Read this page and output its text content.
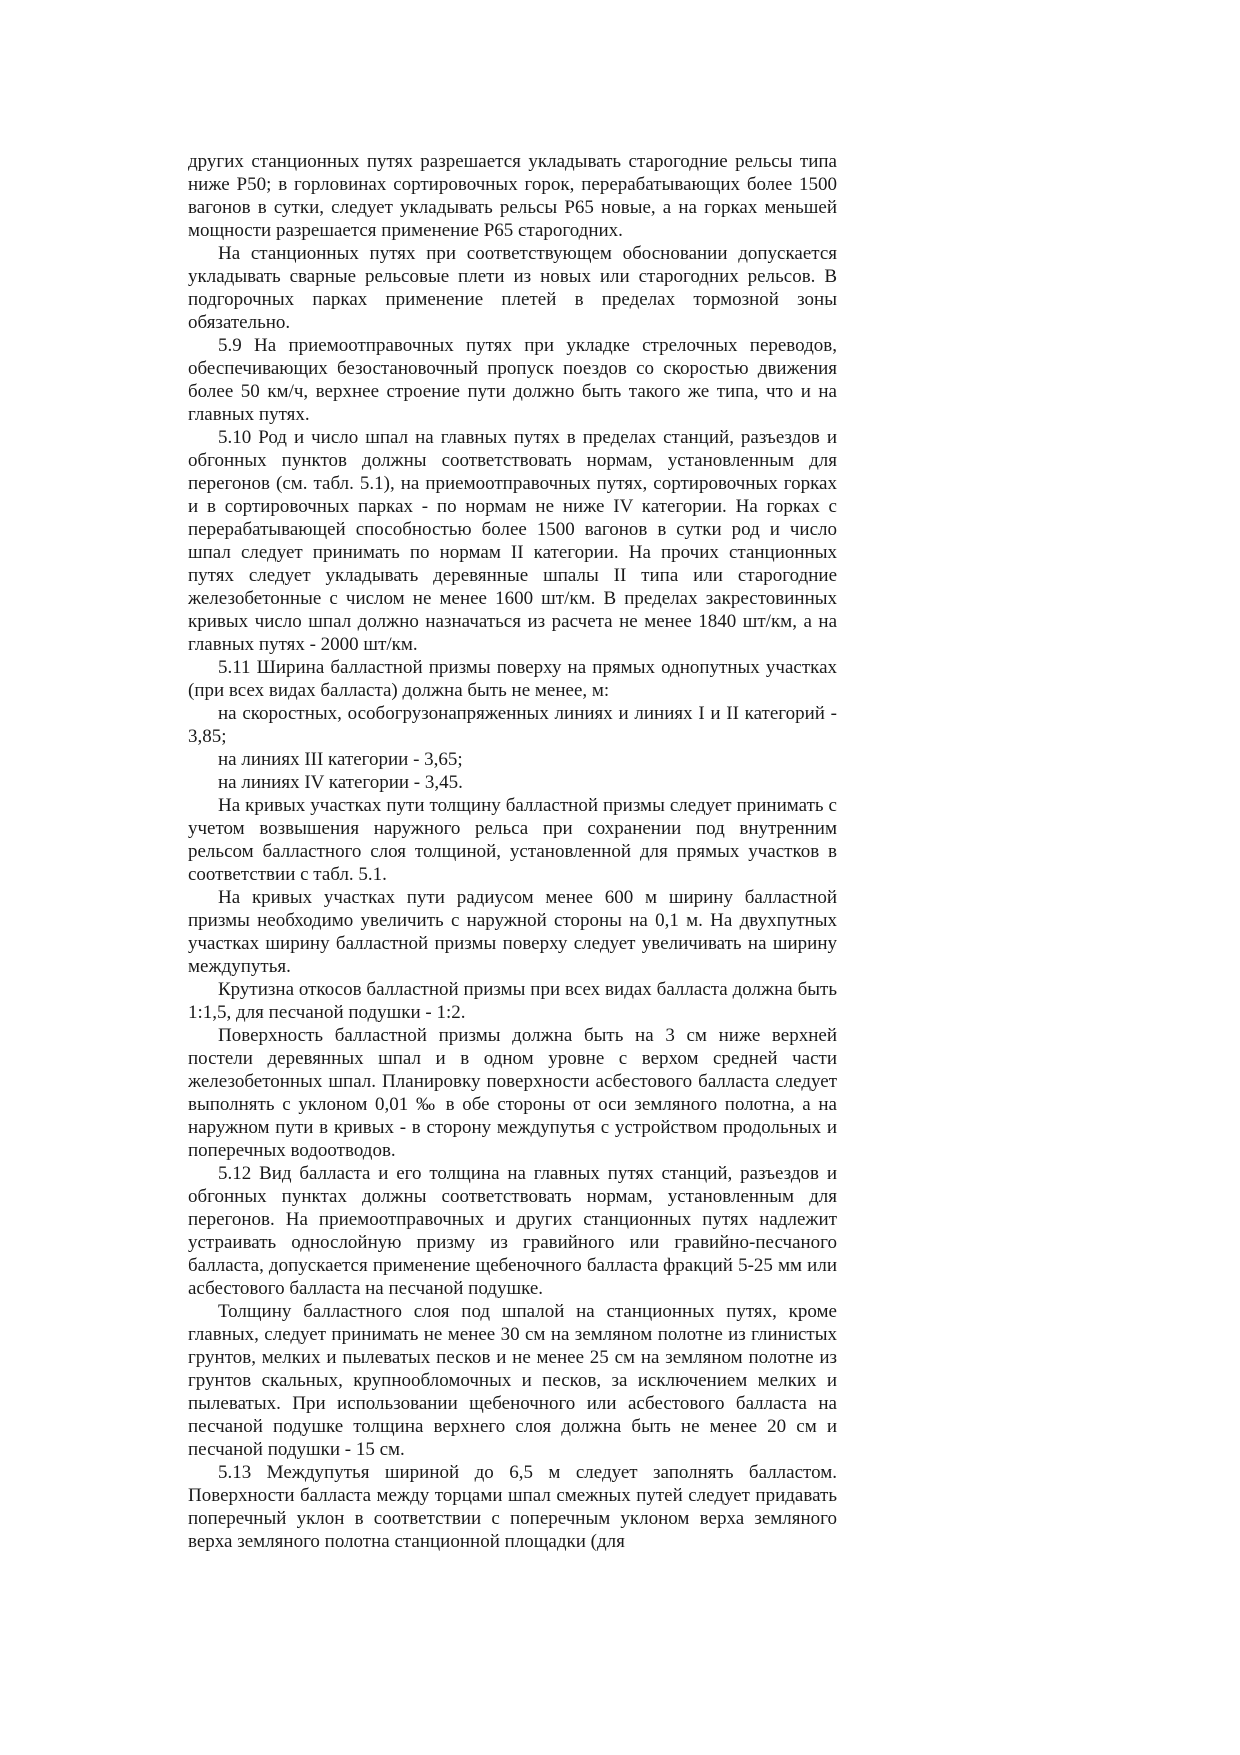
других станционных путях разрешается укладывать старогодние рельсы типа ниже Р50; в горловинах сортировочных горок, перерабатывающих более 1500 вагонов в сутки, следует укладывать рельсы Р65 новые, а на горках меньшей мощности разрешается применение Р65 старогодних.

На станционных путях при соответствующем обосновании допускается укладывать сварные рельсовые плети из новых или старогодних рельсов. В подгорочных парках применение плетей в пределах тормозной зоны обязательно.

5.9 На приемоотправочных путях при укладке стрелочных переводов, обеспечивающих безостановочный пропуск поездов со скоростью движения более 50 км/ч, верхнее строение пути должно быть такого же типа, что и на главных путях.

5.10 Род и число шпал на главных путях в пределах станций, разъездов и обгонных пунктов должны соответствовать нормам, установленным для перегонов (см. табл. 5.1), на приемоотправочных путях, сортировочных горках и в сортировочных парках - по нормам не ниже IV категории. На горках с перерабатывающей способностью более 1500 вагонов в сутки род и число шпал следует принимать по нормам II категории. На прочих станционных путях следует укладывать деревянные шпалы II типа или старогодние железобетонные с числом не менее 1600 шт/км. В пределах закрестовинных кривых число шпал должно назначаться из расчета не менее 1840 шт/км, а на главных путях - 2000 шт/км.

5.11 Ширина балластной призмы поверху на прямых однопутных участках (при всех видах балласта) должна быть не менее, м:

на скоростных, особогрузонапряженных линиях и линиях I и II категорий - 3,85;

на линиях III категории - 3,65;

на линиях IV категории - 3,45.

На кривых участках пути толщину балластной призмы следует принимать с учетом возвышения наружного рельса при сохранении под внутренним рельсом балластного слоя толщиной, установленной для прямых участков в соответствии с табл. 5.1.

На кривых участках пути радиусом менее 600 м ширину балластной призмы необходимо увеличить с наружной стороны на 0,1 м. На двухпутных участках ширину балластной призмы поверху следует увеличивать на ширину междупутья.

Крутизна откосов балластной призмы при всех видах балласта должна быть 1:1,5, для песчаной подушки - 1:2.

Поверхность балластной призмы должна быть на 3 см ниже верхней постели деревянных шпал и в одном уровне с верхом средней части железобетонных шпал. Планировку поверхности асбестового балласта следует выполнять с уклоном 0,01 ‰ в обе стороны от оси земляного полотна, а на наружном пути в кривых - в сторону междупутья с устройством продольных и поперечных водоотводов.

5.12 Вид балласта и его толщина на главных путях станций, разъездов и обгонных пунктах должны соответствовать нормам, установленным для перегонов. На приемоотправочных и других станционных путях надлежит устраивать однослойную призму из гравийного или гравийно-песчаного балласта, допускается применение щебеночного балласта фракций 5-25 мм или асбестового балласта на песчаной подушке.

Толщину балластного слоя под шпалой на станционных путях, кроме главных, следует принимать не менее 30 см на земляном полотне из глинистых грунтов, мелких и пылеватых песков и не менее 25 см на земляном полотне из грунтов скальных, крупнообломочных и песков, за исключением мелких и пылеватых. При использовании щебеночного или асбестового балласта на песчаной подушке толщина верхнего слоя должна быть не менее 20 см и песчаной подушки - 15 см.

5.13 Междупутья шириной до 6,5 м следует заполнять балластом. Поверхности балласта между торцами шпал смежных путей следует придавать поперечный уклон в соответствии с поперечным уклоном верха земляного верха земляного полотна станционной площадки (для
